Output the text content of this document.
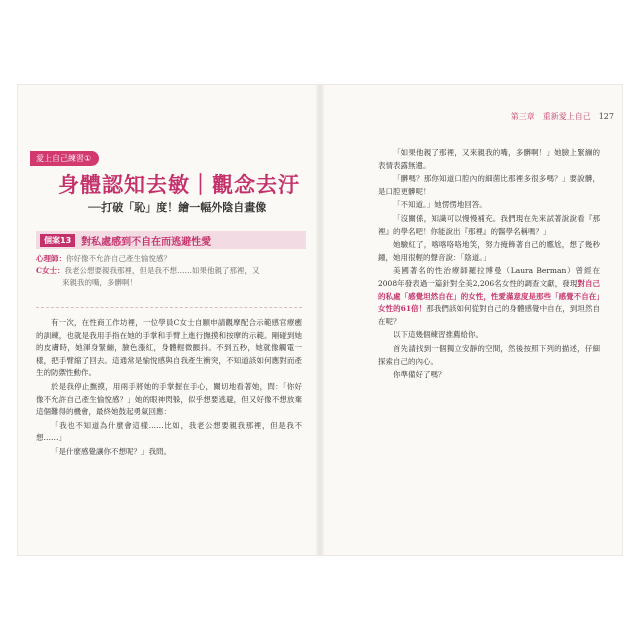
愛上自己練習①
身體認知去敏｜觀念去汙
──打破「恥」度！繪一幅外陰自畫像
個案13	對私處感到不自在而逃避性愛

心理師：你好像不允許自己產生愉悅感？

C女士：我老公想要親我那裡，但是我不想……如果他親了那裡，又

來親我的嘴，多髒啊！

有一次，在性商工作坊裡，一位學員C女士自願申請觀摩配合示範感官療癒的訓練，也就是我用手指在她的手掌和手臂上進行撫摸和按摩的示範。剛碰到她的皮膚時，她渾身緊繃，臉色漲紅，身體輕微顫抖。不到五秒，她就像觸電一樣，把手臂縮了回去。這通常是愉悅感與自我產生衝突，不知道該如何應對而產生的防禦性動作。

於是我停止撫摸，用兩手將她的手掌握在手心，關切地看著她，問：「你好像不允許自己產生愉悅感？」她的眼神閃躲，似乎想要逃避，但又好像不想放棄這個難得的機會，最終她鼓起勇氣回應：

「我也不知道為什麼會這樣……比如，我老公想要親我那裡，但是我不想……」

「是什麼感覺讓你不想呢？」我問。

第三章 重新愛上自己 127

「如果他親了那裡，又來親我的嘴，多髒啊！」她臉上緊繃的表情表露無遺。

「髒嗎？那你知道口腔內的細菌比那裡多很多嗎？」要說髒，是口腔更髒呢！

「不知道。」她愣愣地回答。

「沒關係，知識可以慢慢補充。我們現在先來試著說說看『那裡』的學名吧！你能說出『那裡』的醫學名稱嗎？」

她驗紅了，喀喀咯咯地笑，努力掩飾著自己的尷尬，想了幾秒鐘，她用很輕的聲音說：「陰道。」

美國著名的性治療師羅拉博曼（Laura Berman）曾經在2008年發表過一篇針對全美2,206名女性的調查文獻，發現對自己的私處「感覺坦然自在」的女性，性愛滿意度是那些「感覺不自在」女性的61倍！那我們該如何從對自己的身體感覺中自在，到坦然自在呢？

以下這幾個練習推薦給你。

首先請找到一個獨立安靜的空間，然後按照下列的描述，仔細探索自己的內心。

你準備好了嗎？
